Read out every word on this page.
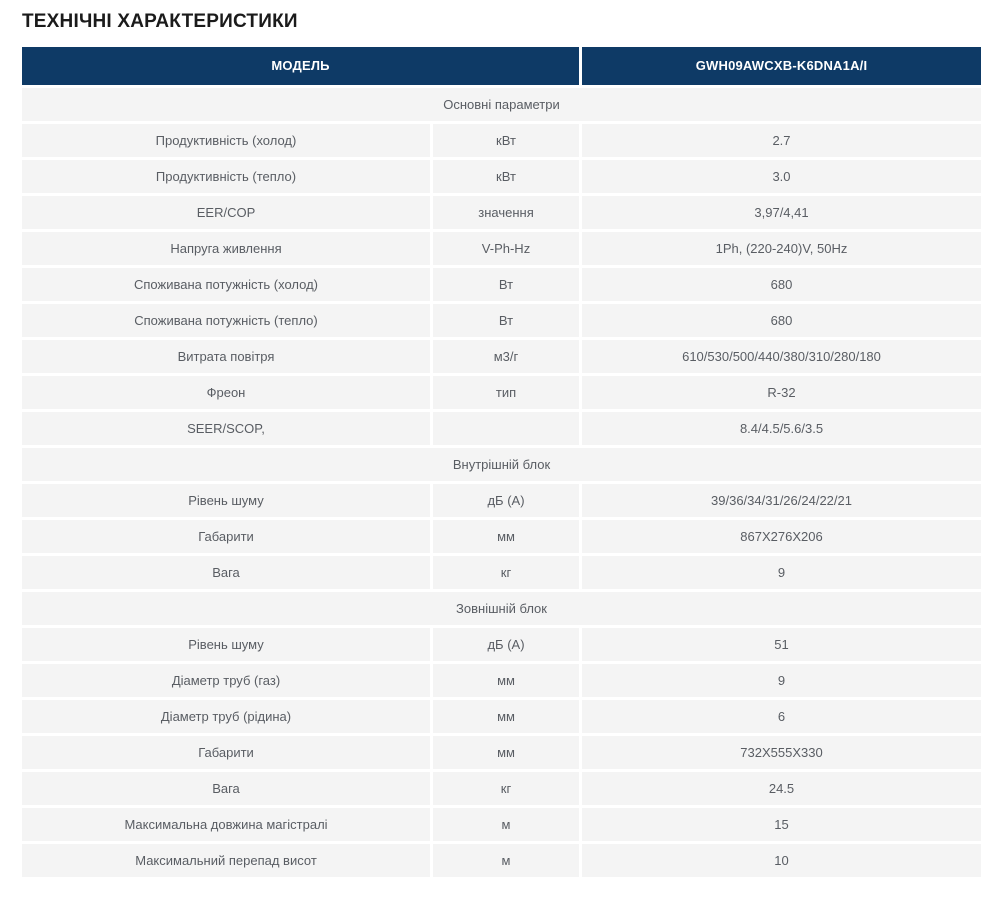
ТЕХНІЧНІ ХАРАКТЕРИСТИКИ
МОДЕЛЬ		GWH09AWCXB-K6DNA1A/I
Основні параметри		
Продуктивність (холод)	кВт	2.7
Продуктивність (тепло)	кВт	3.0
EER/COP	значення	3,97/4,41
Напруга живлення	V-Ph-Hz	1Ph, (220-240)V, 50Hz
Споживана потужність (холод)	Вт	680
Споживана потужність (тепло)	Вт	680
Витрата повітря	м3/г	610/530/500/440/380/310/280/180
Фреон	тип	R-32
SEER/SCOP,		8.4/4.5/5.6/3.5
Внутрішній блок		
Рівень шуму	дБ (А)	39/36/34/31/26/24/22/21
Габарити	мм	867X276X206
Вага	кг	9
Зовнішній блок		
Рівень шуму	дБ (А)	51
Діаметр труб (газ)	мм	9
Діаметр труб (рідина)	мм	6
Габарити	мм	732X555X330
Вага	кг	24.5
Максимальна довжина магістралі	м	15
Максимальний перепад висот	м	10
